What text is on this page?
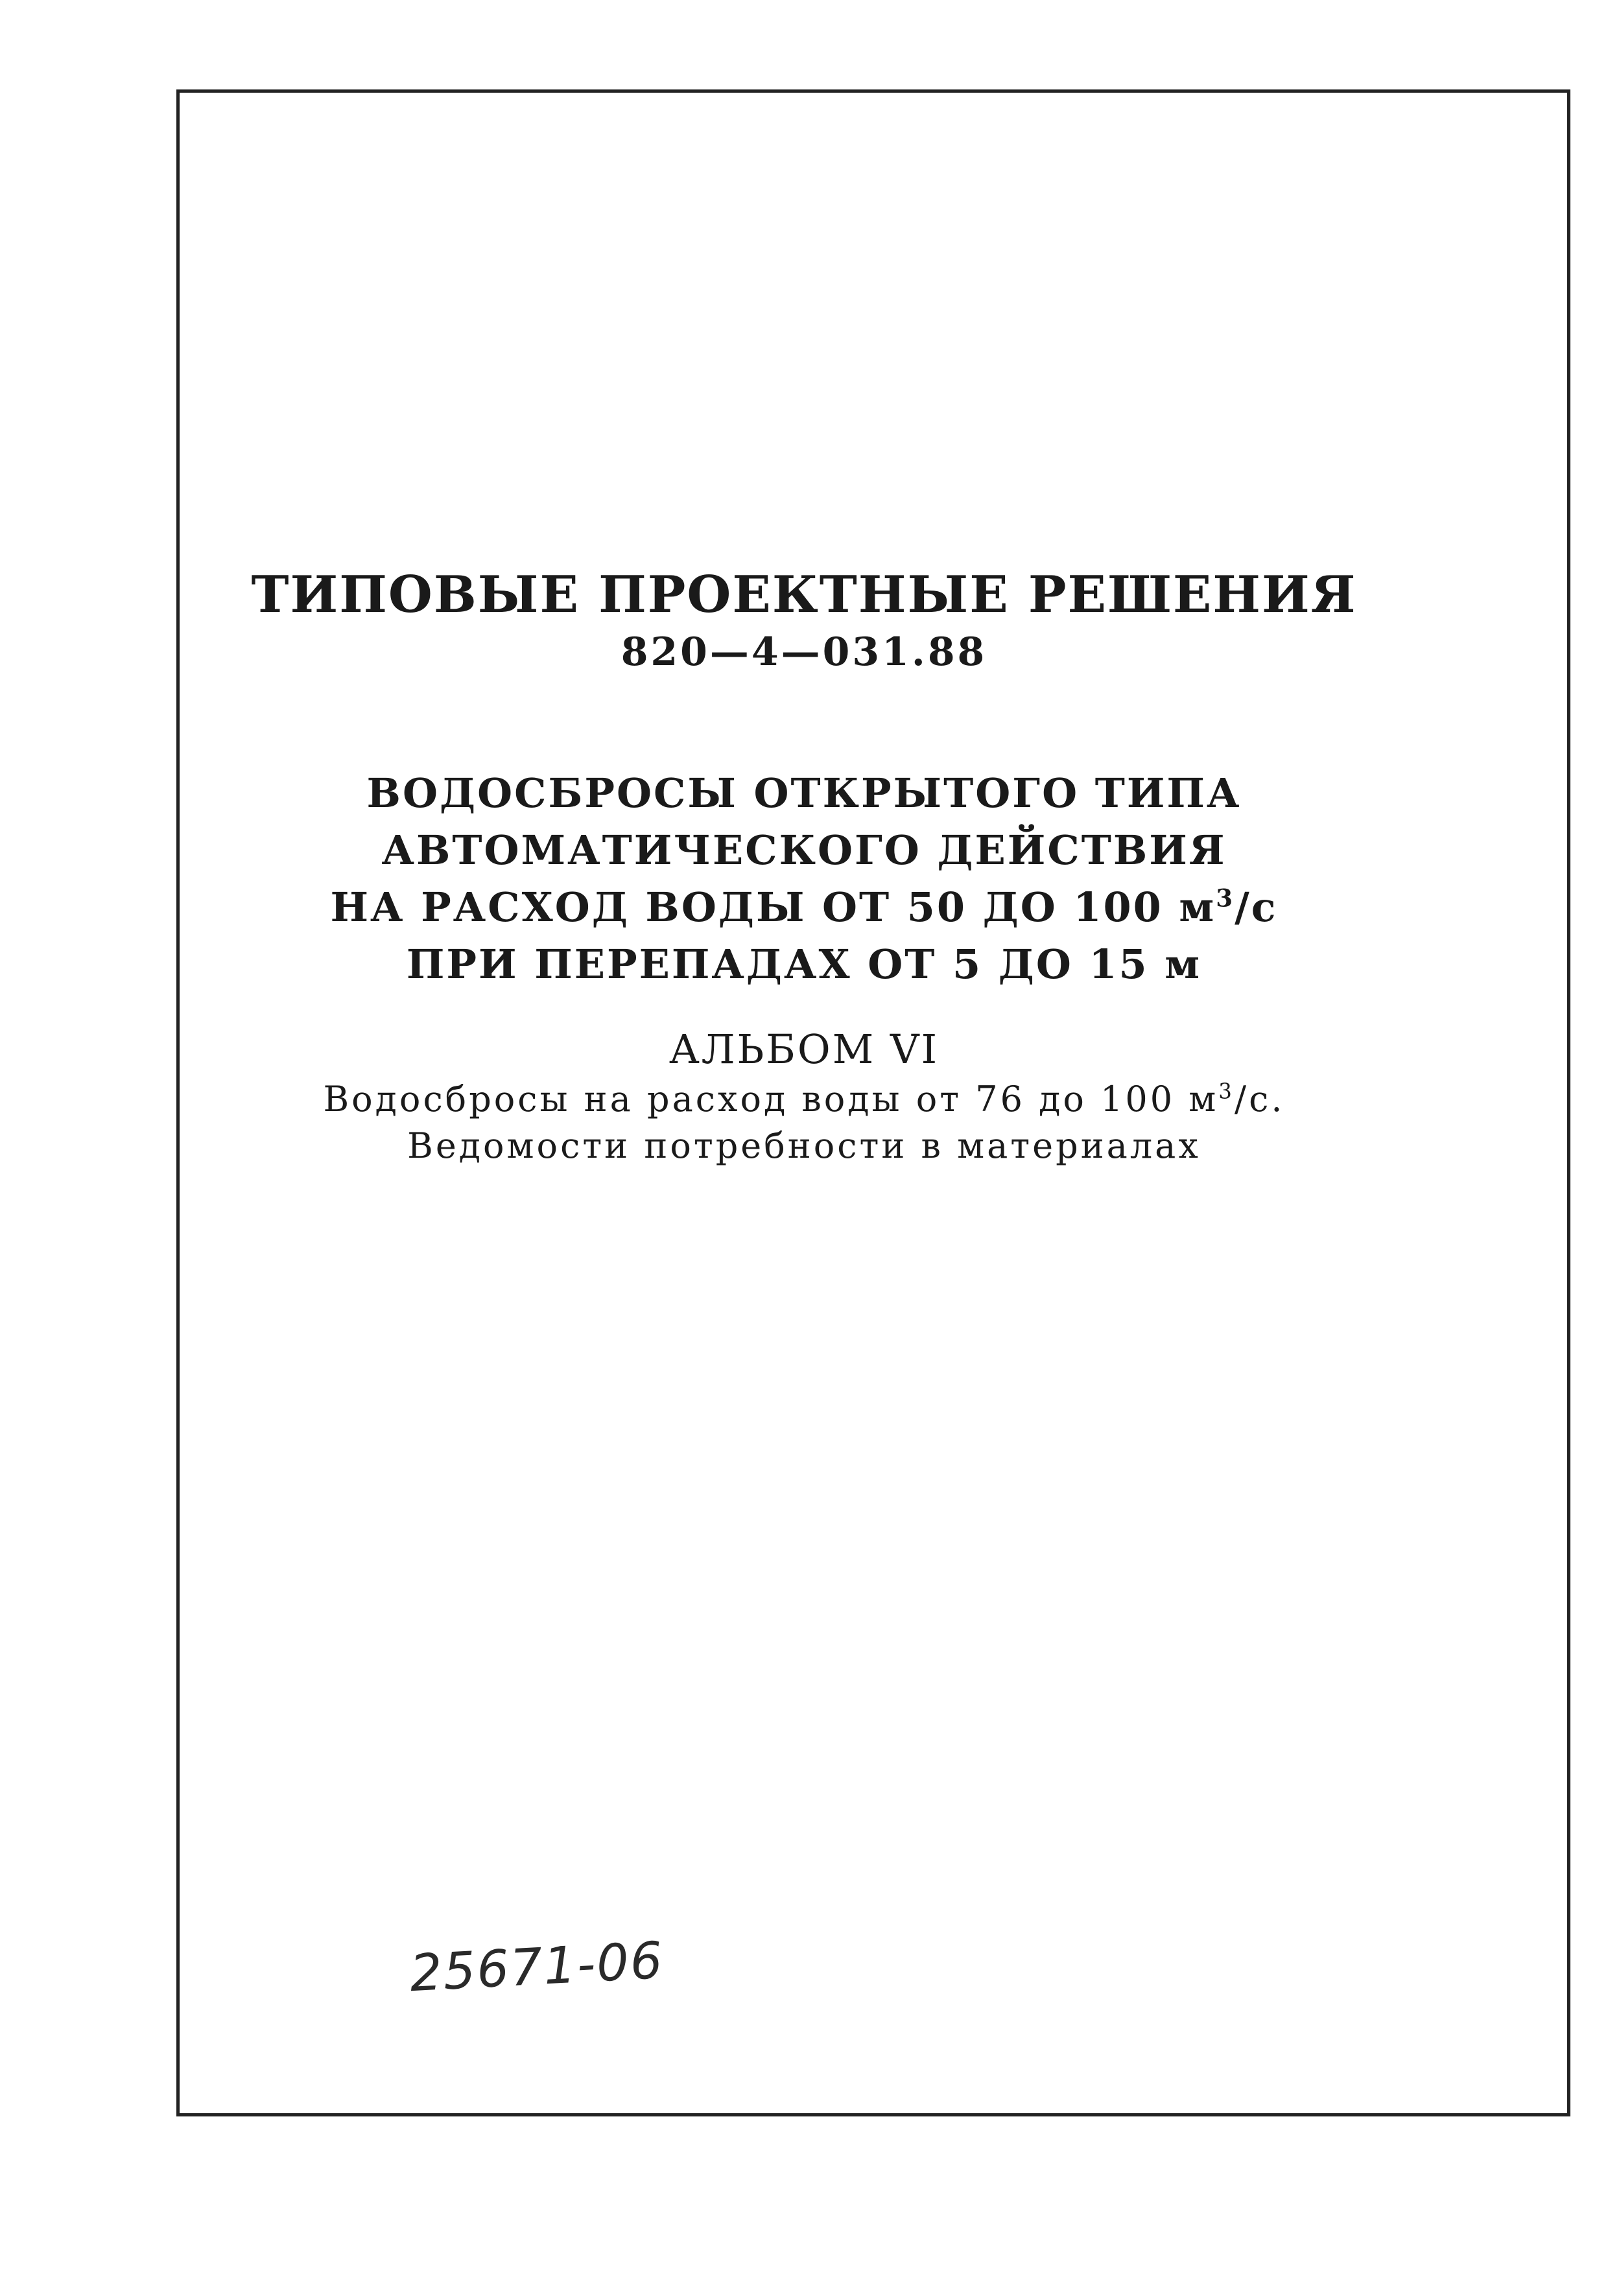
ТИПОВЫЕ ПРОЕКТНЫЕ РЕШЕНИЯ
820—4—031.88
ВОДОСБРОСЫ ОТКРЫТОГО ТИПА
АВТОМАТИЧЕСКОГО ДЕЙСТВИЯ
НА РАСХОД ВОДЫ ОТ 50 ДО 100 $м^3/с$
ПРИ ПЕРЕПАДАХ ОТ 5 ДО 15 м
АЛЬБОМ VI
Водосбросы на расход воды от 76 до 100 $м^3/с$.
Ведомости потребности в материалах
25671-06
